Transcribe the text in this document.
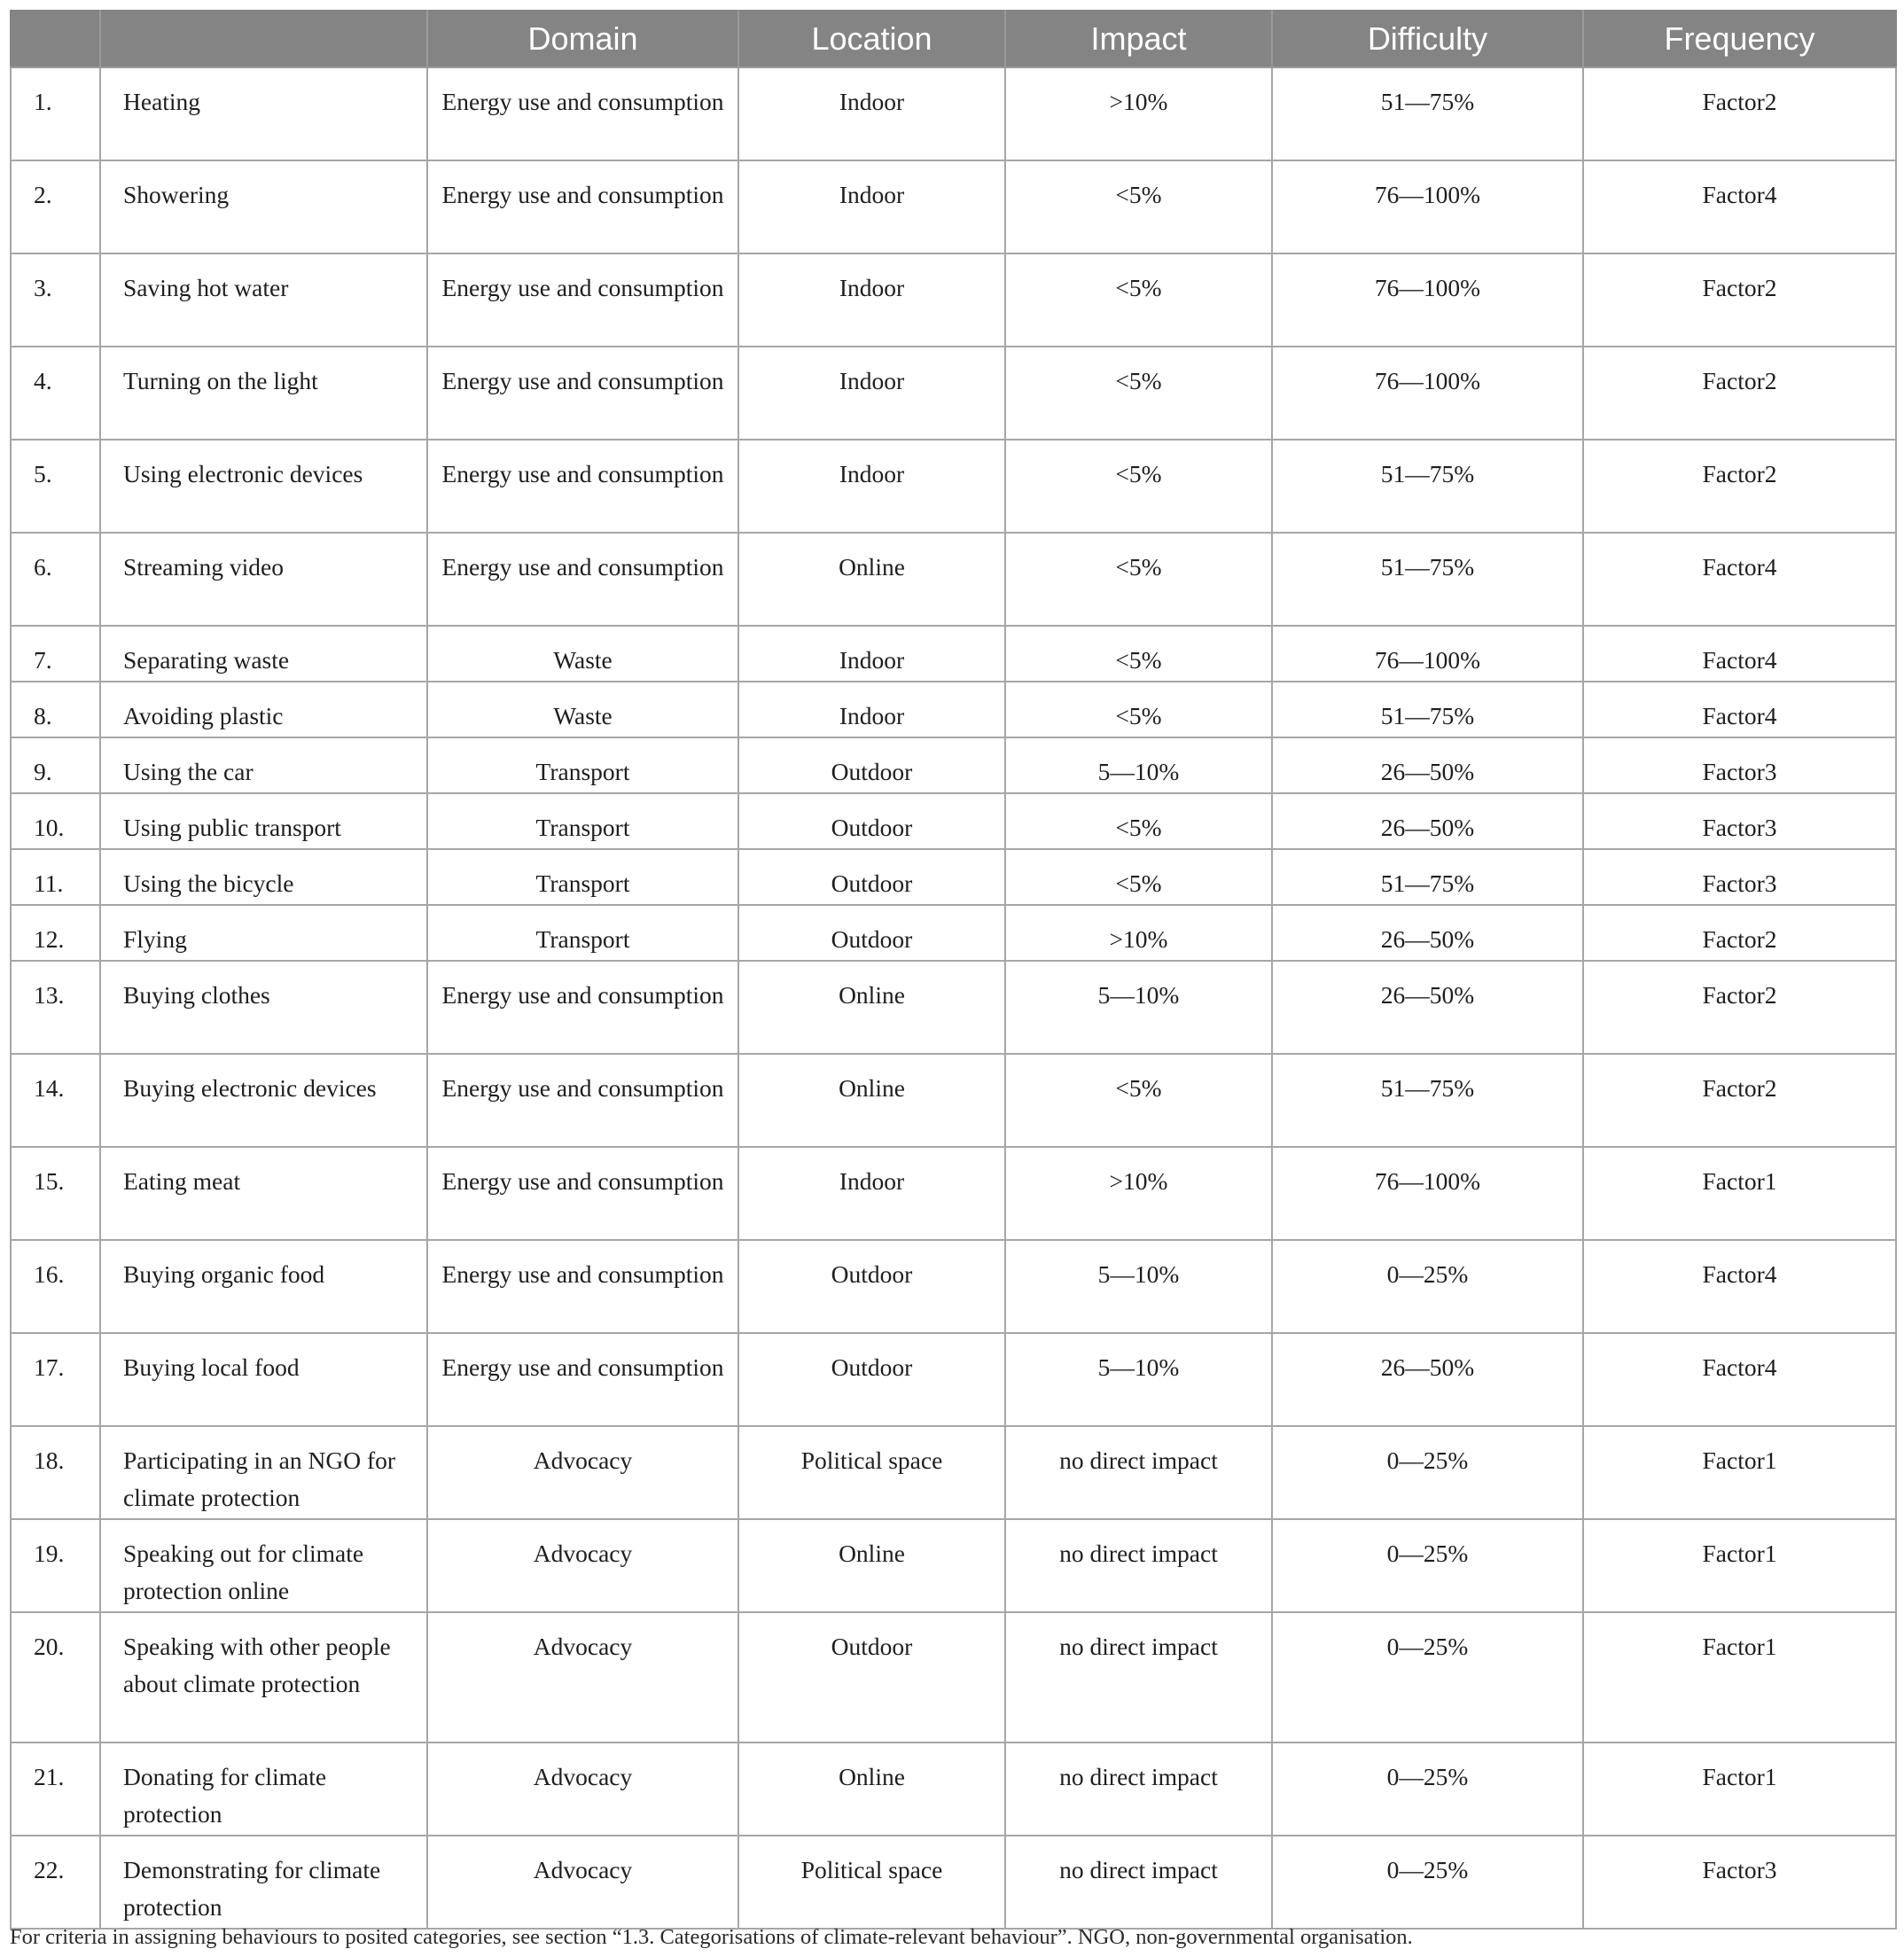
		Domain	Location	Impact	Difficulty	Frequency
1.	Heating	Energy use and consumption	Indoor	>10%	51—75%	Factor2
2.	Showering	Energy use and consumption	Indoor	<5%	76—100%	Factor4
3.	Saving hot water	Energy use and consumption	Indoor	<5%	76—100%	Factor2
4.	Turning on the light	Energy use and consumption	Indoor	<5%	76—100%	Factor2
5.	Using electronic devices	Energy use and consumption	Indoor	<5%	51—75%	Factor2
6.	Streaming video	Energy use and consumption	Online	<5%	51—75%	Factor4
7.	Separating waste	Waste	Indoor	<5%	76—100%	Factor4
8.	Avoiding plastic	Waste	Indoor	<5%	51—75%	Factor4
9.	Using the car	Transport	Outdoor	5—10%	26—50%	Factor3
10.	Using public transport	Transport	Outdoor	<5%	26—50%	Factor3
11.	Using the bicycle	Transport	Outdoor	<5%	51—75%	Factor3
12.	Flying	Transport	Outdoor	>10%	26—50%	Factor2
13.	Buying clothes	Energy use and consumption	Online	5—10%	26—50%	Factor2
14.	Buying electronic devices	Energy use and consumption	Online	<5%	51—75%	Factor2
15.	Eating meat	Energy use and consumption	Indoor	>10%	76—100%	Factor1
16.	Buying organic food	Energy use and consumption	Outdoor	5—10%	0—25%	Factor4
17.	Buying local food	Energy use and consumption	Outdoor	5—10%	26—50%	Factor4
18.	Participating in an NGO for climate protection	Advocacy	Political space	no direct impact	0—25%	Factor1
19.	Speaking out for climate protection online	Advocacy	Online	no direct impact	0—25%	Factor1
20.	Speaking with other people about climate protection	Advocacy	Outdoor	no direct impact	0—25%	Factor1
21.	Donating for climate protection	Advocacy	Online	no direct impact	0—25%	Factor1
22.	Demonstrating for climate protection	Advocacy	Political space	no direct impact	0—25%	Factor3
For criteria in assigning behaviours to posited categories, see section “1.3. Categorisations of climate-relevant behaviour”. NGO, non-governmental organisation.
